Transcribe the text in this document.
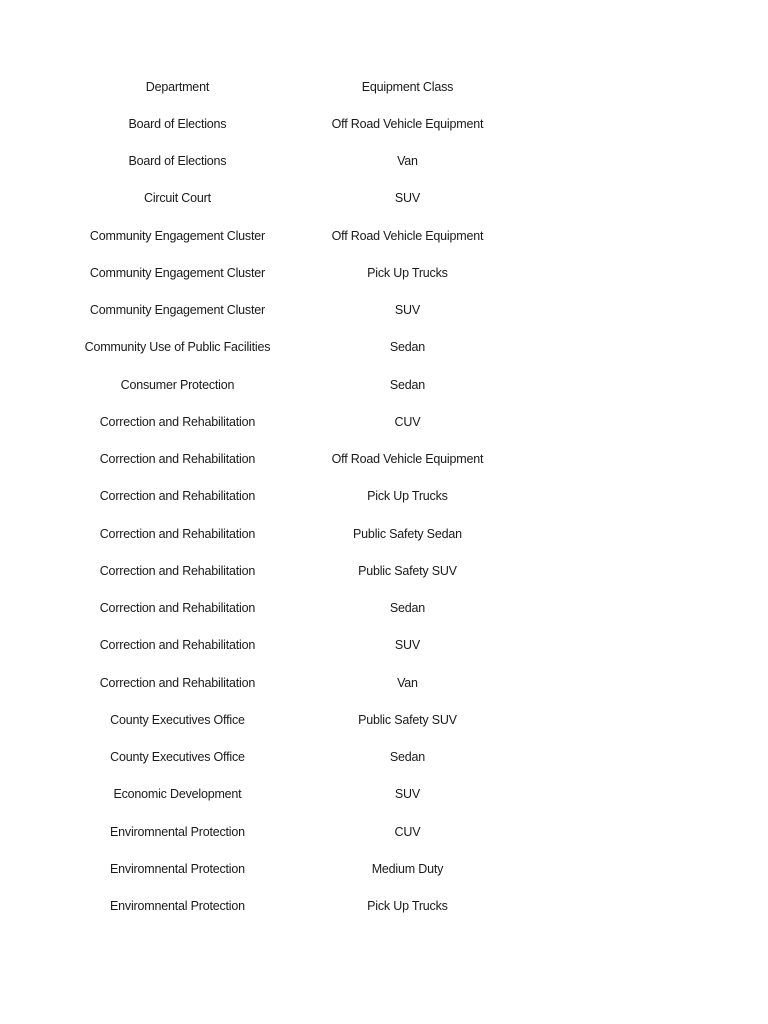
Department	Equipment Class
Board of Elections	Off Road Vehicle Equipment
Board of Elections	Van
Circuit Court	SUV
Community Engagement Cluster	Off Road Vehicle Equipment
Community Engagement Cluster	Pick Up Trucks
Community Engagement Cluster	SUV
Community Use of Public Facilities	Sedan
Consumer Protection	Sedan
Correction and Rehabilitation	CUV
Correction and Rehabilitation	Off Road Vehicle Equipment
Correction and Rehabilitation	Pick Up Trucks
Correction and Rehabilitation	Public Safety Sedan
Correction and Rehabilitation	Public Safety SUV
Correction and Rehabilitation	Sedan
Correction and Rehabilitation	SUV
Correction and Rehabilitation	Van
County Executives Office	Public Safety SUV
County Executives Office	Sedan
Economic Development	SUV
Enviromnental Protection	CUV
Enviromnental Protection	Medium Duty
Enviromnental Protection	Pick Up Trucks
